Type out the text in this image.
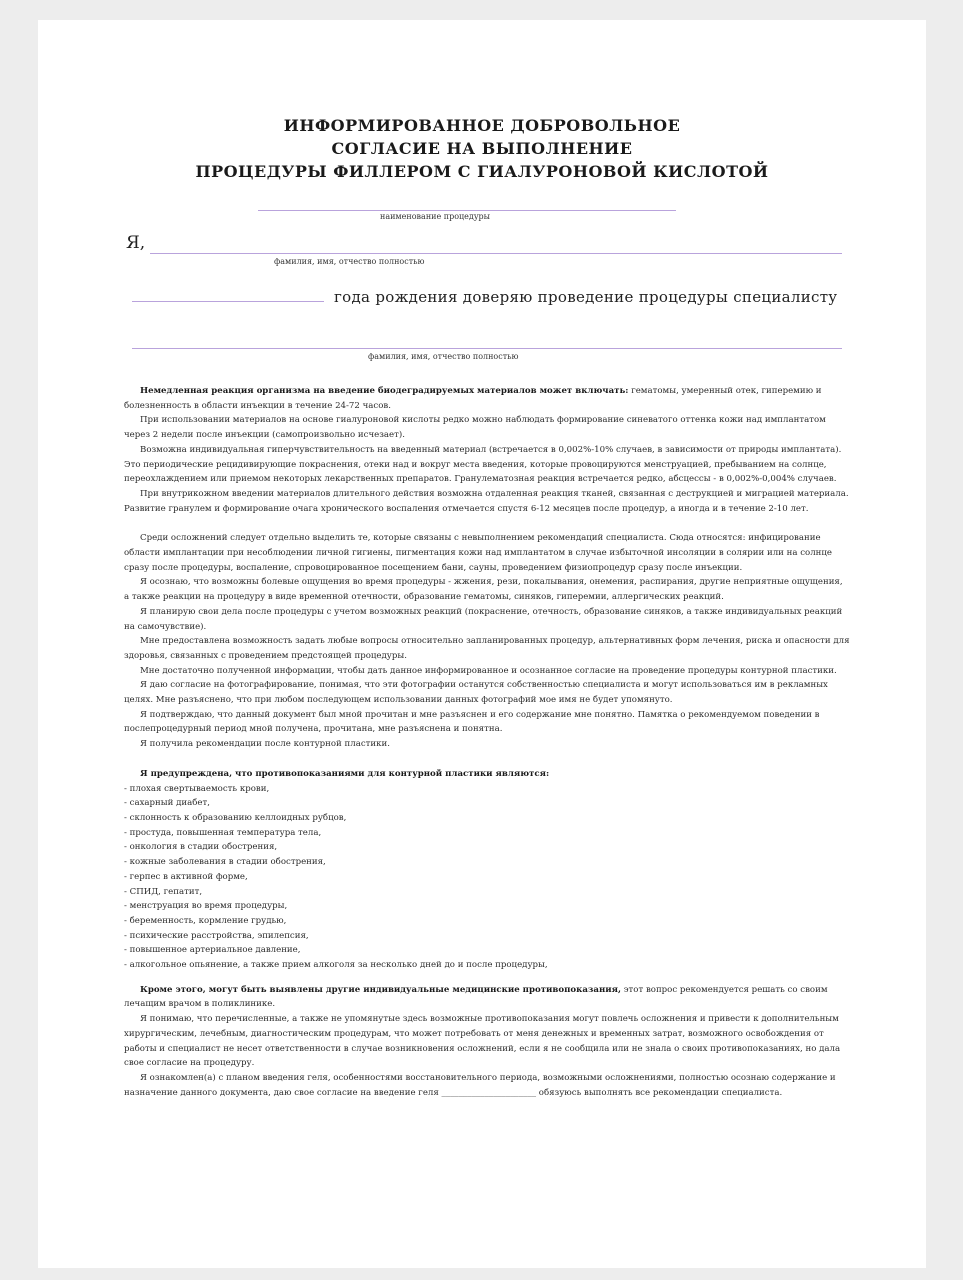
ИНФОРМИРОВАННОЕ ДОБРОВОЛЬНОЕ
СОГЛАСИЕ НА ВЫПОЛНЕНИЕ
ПРОЦЕДУРЫ ФИЛЛЕРОМ С ГИАЛУРОНОВОЙ КИСЛОТОЙ
наименование процедуры
Я,
фамилия, имя, отчество полностью
года рождения доверяю проведение процедуры специалисту
фамилия, имя, отчество полностью

Немедленная реакция организма на введение биодеградируемых материалов может включать: гематомы, умеренный отек, гиперемию и болезненность в области инъекции в течение 24-72 часов.

При использовании материалов на основе гиалуроновой кислоты редко можно наблюдать формирование синеватого оттенка кожи над имплантатом через 2 недели после инъекции (самопроизвольно исчезает).

Возможна индивидуальная гиперчувствительность на введенный материал (встречается в 0,002%-10% случаев, в зависимости от природы имплантата). Это периодические рецидивирующие покраснения, отеки над и вокруг места введения, которые провоцируются менструацией, пребыванием на солнце, переохлаждением или приемом некоторых лекарственных препаратов. Гранулематозная реакция встречается редко, абсцессы - в 0,002%-0,004% случаев.

При внутрикожном введении материалов длительного действия возможна отдаленная реакция тканей, связанная с деструкцией и миграцией материала. Развитие гранулем и формирование очага хронического воспаления отмечается спустя 6-12 месяцев после процедур, а иногда и в течение 2-10 лет.

Среди осложнений следует отдельно выделить те, которые связаны с невыполнением рекомендаций специалиста. Сюда относятся: инфицирование области имплантации при несоблюдении личной гигиены, пигментация кожи над имплантатом в случае избыточной инсоляции в солярии или на солнце сразу после процедуры, воспаление, спровоцированное посещением бани, сауны, проведением физиопроцедур сразу после инъекции.

Я осознаю, что возможны болевые ощущения во время процедуры - жжения, рези, покалывания, онемения, распирания, другие неприятные ощущения, а также реакции на процедуру в виде временной отечности, образование гематомы, синяков, гиперемии, аллергических реакций.

Я планирую свои дела после процедуры с учетом возможных реакций (покраснение, отечность, образование синяков, а также индивидуальных реакций на самочувствие).

Мне предоставлена возможность задать любые вопросы относительно запланированных процедур, альтернативных форм лечения, риска и опасности для здоровья, связанных с проведением предстоящей процедуры.

Мне достаточно полученной информации, чтобы дать данное информированное и осознанное согласие на проведение процедуры контурной пластики.

Я даю согласие на фотографирование, понимая, что эти фотографии останутся собственностью специалиста и могут использоваться им в рекламных целях. Мне разъяснено, что при любом последующем использовании данных фотографий мое имя не будет упомянуто.

Я подтверждаю, что данный документ был мной прочитан и мне разъяснен и его содержание мне понятно. Памятка о рекомендуемом поведении в послепроцедурный период мной получена, прочитана, мне разъяснена и понятна.

Я получила рекомендации после контурной пластики.

Я предупреждена, что противопоказаниями для контурной пластики являются:

- плохая свертываемость крови,
- сахарный диабет,
- склонность к образованию келлоидных рубцов,
- простуда, повышенная температура тела,
- онкология в стадии обострения,
- кожные заболевания в стадии обострения,
- герпес в активной форме,
- СПИД, гепатит,
- менструация во время процедуры,
- беременность, кормление грудью,
- психические расстройства, эпилепсия,
- повышенное артериальное давление,
- алкогольное опьянение, а также прием алкоголя за несколько дней до и после процедуры,

Кроме этого, могут быть выявлены другие индивидуальные медицинские противопоказания, этот вопрос рекомендуется решать со своим лечащим врачом в поликлинике.

Я понимаю, что перечисленные, а также не упомянутые здесь возможные противопоказания могут повлечь осложнения и привести к дополнительным хирургическим, лечебным, диагностическим процедурам, что может потребовать от меня денежных и временных затрат, возможного освобождения от работы и специалист не несет ответственности в случае возникновения осложнений, если я не сообщила или не знала о своих противопоказаниях, но дала свое согласие на процедуру.

Я ознакомлен(а) с планом введения геля, особенностями восстановительного периода, возможными осложнениями, полностью осознаю содержание и назначение данного документа, даю свое согласие на введение геля ______________________ обязуюсь выполнять все рекомендации специалиста.
